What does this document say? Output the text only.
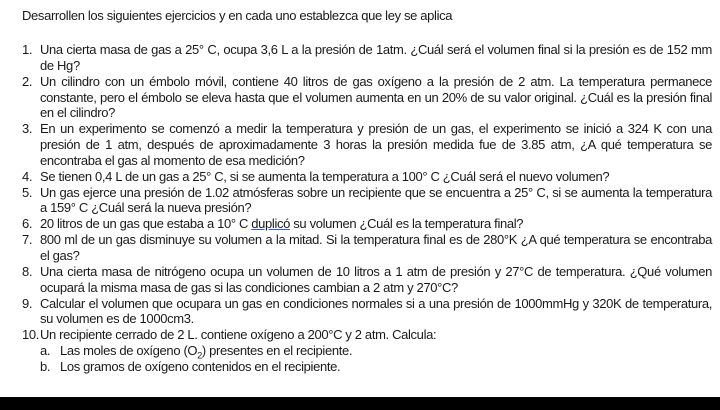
Desarrollen los siguientes ejercicios y en cada uno establezca que ley se aplica
1. Una cierta masa de gas a 25° C, ocupa 3,6 L a la presión de 1atm. ¿Cuál será el volumen final si la presión es de 152 mm de Hg?
2. Un cilindro con un émbolo móvil, contiene 40 litros de gas oxígeno a la presión de 2 atm. La temperatura permanece constante, pero el émbolo se eleva hasta que el volumen aumenta en un 20% de su valor original. ¿Cuál es la presión final en el cilindro?
3. En un experimento se comenzó a medir la temperatura y presión de un gas, el experimento se inició a 324 K con una presión de 1 atm, después de aproximadamente 3 horas la presión medida fue de 3.85 atm, ¿A qué temperatura se encontraba el gas al momento de esa medición?
4. Se tienen 0,4 L de un gas a 25° C, si se aumenta la temperatura a 100° C ¿Cuál será el nuevo volumen?
5. Un gas ejerce una presión de 1.02 atmósferas sobre un recipiente que se encuentra a 25° C, si se aumenta la temperatura a 159° C ¿Cuál será la nueva presión?
6. 20 litros de un gas que estaba a 10° C duplicó su volumen ¿Cuál es la temperatura final?
7. 800 ml de un gas disminuye su volumen a la mitad. Si la temperatura final es de 280°K ¿A qué temperatura se encontraba el gas?
8. Una cierta masa de nitrógeno ocupa un volumen de 10 litros a 1 atm de presión y 27°C de temperatura. ¿Qué volumen ocupará la misma masa de gas si las condiciones cambian a 2 atm y 270°C?
9. Calcular el volumen que ocupara un gas en condiciones normales si a una presión de 1000mmHg y 320K de temperatura, su volumen es de 1000cm3.
10. Un recipiente cerrado de 2 L. contiene oxígeno a 200°C y 2 atm. Calcula:
a. Las moles de oxígeno $(O_2)$ presentes en el recipiente.
b. Los gramos de oxígeno contenidos en el recipiente.
